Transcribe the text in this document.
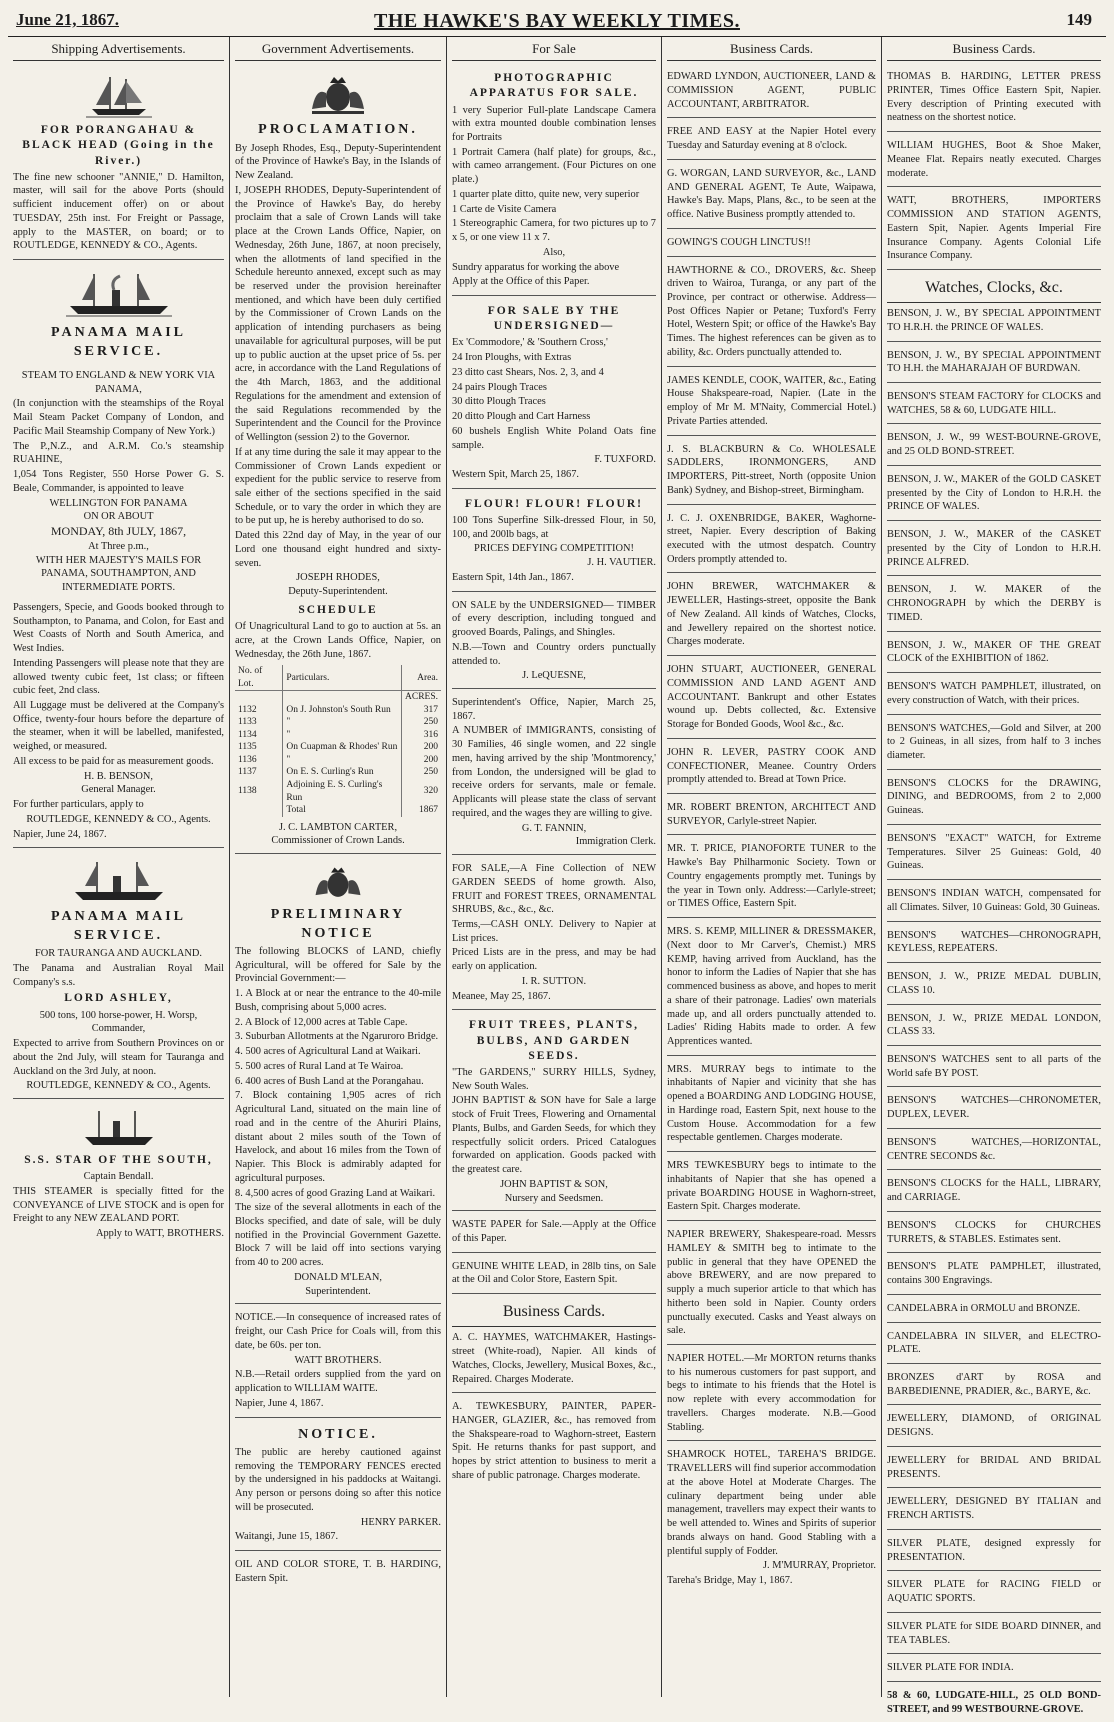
June 21, 1867.	THE HAWKE'S BAY WEEKLY TIMES.	149
Shipping Advertisements.
FOR PORANGAHAU & BLACK HEAD (Going in the River.)

The fine new schooner "ANNIE," D. Hamilton, master, will sail for the above Ports (should sufficient inducement offer) on or about TUESDAY, 25th inst. For Freight or Passage, apply to the MASTER, on board; or to ROUTLEDGE, KENNEDY & CO., Agents.

PANAMA MAIL SERVICE.
STEAM TO ENGLAND & NEW YORK VIA PANAMA,

(In conjunction with the steamships of the Royal Mail Steam Packet Company of London, and Pacific Mail Steamship Company of New York.)

The P.,N.Z., and A.R.M. Co.'s steamship RUAHINE,

1,054 Tons Register, 550 Horse Power G. S. Beale, Commander, is appointed to leave

WELLINGTON FOR PANAMA
ON OR ABOUT
MONDAY, 8th JULY, 1867,
At Three p.m.,
WITH HER MAJESTY'S MAILS FOR PANAMA, SOUTHAMPTON, AND INTERMEDIATE PORTS.

Passengers, Specie, and Goods booked through to Southampton, to Panama, and Colon, for East and West Coasts of North and South America, and West Indies.

Intending Passengers will please note that they are allowed twenty cubic feet, 1st class; or fifteen cubic feet, 2nd class.

All Luggage must be delivered at the Company's Office, twenty-four hours before the departure of the steamer, when it will be labelled, manifested, weighed, or measured.

All excess to be paid for as measurement goods.

H. B. BENSON,
General Manager.

For further particulars, apply to

ROUTLEDGE, KENNEDY & CO., Agents.

Napier, June 24, 1867.

PANAMA MAIL SERVICE.
FOR TAURANGA AND AUCKLAND.

The Panama and Australian Royal Mail Company's s.s.

LORD ASHLEY,
500 tons, 100 horse-power, H. Worsp, Commander,

Expected to arrive from Southern Provinces on or about the 2nd July, will steam for Tauranga and Auckland on the 3rd July, at noon.

ROUTLEDGE, KENNEDY & CO., Agents.
S.S. STAR OF THE SOUTH,
Captain Bendall.

THIS STEAMER is specially fitted for the CONVEYANCE of LIVE STOCK and is open for Freight to any NEW ZEALAND PORT.

Apply to WATT, BROTHERS.
Government Advertisements.
PROCLAMATION.

By Joseph Rhodes, Esq., Deputy-Superintendent of the Province of Hawke's Bay, in the Islands of New Zealand.

I, JOSEPH RHODES, Deputy-Superintendent of the Province of Hawke's Bay, do hereby proclaim that a sale of Crown Lands will take place at the Crown Lands Office, Napier, on Wednesday, 26th June, 1867, at noon precisely, when the allotments of land specified in the Schedule hereunto annexed, except such as may be reserved under the provision hereinafter mentioned, and which have been duly certified by the Commissioner of Crown Lands on the application of intending purchasers as being unavailable for agricultural purposes, will be put up to public auction at the upset price of 5s. per acre, in accordance with the Land Regulations of the 4th March, 1863, and the additional Regulations for the amendment and extension of the said Regulations recommended by the Superintendent and the Council for the Province of Wellington (session 2) to the Governor.

If at any time during the sale it may appear to the Commissioner of Crown Lands expedient or expedient for the public service to reserve from sale either of the sections specified in the said Schedule, or to vary the order in which they are to be put up, he is hereby authorised to do so.

Dated this 22nd day of May, in the year of our Lord one thousand eight hundred and sixty-seven.

JOSEPH RHODES,
Deputy-Superintendent.
SCHEDULE

Of Unagricultural Land to go to auction at 5s. an acre, at the Crown Lands Office, Napier, on Wednesday, the 26th June, 1867.

No. of Lot.	Particulars.	Area.
		ACRES.
1132	On J. Johnston's South Run	317
1133	"	250
1134	"	316
1135	On Cuapman & Rhodes' Run	200
1136	"	200
1137	On E. S. Curling's Run	250
1138	Adjoining E. S. Curling's Run	320
	Total	1867
J. C. LAMBTON CARTER,
Commissioner of Crown Lands.
PRELIMINARY NOTICE

The following BLOCKS of LAND, chiefly Agricultural, will be offered for Sale by the Provincial Government:—

1. A Block at or near the entrance to the 40-mile Bush, comprising about 5,000 acres.

2. A Block of 12,000 acres at Table Cape.

3. Suburban Allotments at the Ngaruroro Bridge.

4. 500 acres of Agricultural Land at Waikari.

5. 500 acres of Rural Land at Te Wairoa.

6. 400 acres of Bush Land at the Porangahau.

7. Block containing 1,905 acres of rich Agricultural Land, situated on the main line of road and in the centre of the Ahuriri Plains, distant about 2 miles south of the Town of Havelock, and about 16 miles from the Town of Napier. This Block is admirably adapted for agricultural purposes.

8. 4,500 acres of good Grazing Land at Waikari.

The size of the several allotments in each of the Blocks specified, and date of sale, will be duly notified in the Provincial Government Gazette. Block 7 will be laid off into sections varying from 40 to 200 acres.

DONALD M'LEAN,
Superintendent.

NOTICE.—In consequence of increased rates of freight, our Cash Price for Coals will, from this date, be 60s. per ton.

WATT BROTHERS.

N.B.—Retail orders supplied from the yard on application to WILLIAM WAITE.

Napier, June 4, 1867.

NOTICE.

The public are hereby cautioned against removing the TEMPORARY FENCES erected by the undersigned in his paddocks at Waitangi. Any person or persons doing so after this notice will be prosecuted.

HENRY PARKER.

Waitangi, June 15, 1867.

OIL AND COLOR STORE, T. B. HARDING, Eastern Spit.

For Sale
PHOTOGRAPHIC APPARATUS FOR SALE.

1 very Superior Full-plate Landscape Camera with extra mounted double combination lenses for Portraits

1 Portrait Camera (half plate) for groups, &c., with cameo arrangement. (Four Pictures on one plate.)

1 quarter plate ditto, quite new, very superior

1 Carte de Visite Camera

1 Stereographic Camera, for two pictures up to 7 x 5, or one view 11 x 7.

Also,

Sundry apparatus for working the above

Apply at the Office of this Paper.

FOR SALE BY THE UNDERSIGNED—

Ex 'Commodore,' & 'Southern Cross,'

24 Iron Ploughs, with Extras

23 ditto cast Shears, Nos. 2, 3, and 4

24 pairs Plough Traces

30 ditto Plough Traces

20 ditto Plough and Cart Harness

60 bushels English White Poland Oats fine sample.

F. TUXFORD.

Western Spit, March 25, 1867.

FLOUR! FLOUR! FLOUR!

100 Tons Superfine Silk-dressed Flour, in 50, 100, and 200lb bags, at

PRICES DEFYING COMPETITION!
J. H. VAUTIER.

Eastern Spit, 14th Jan., 1867.

ON SALE by the UNDERSIGNED— TIMBER of every description, including tongued and grooved Boards, Palings, and Shingles.

N.B.—Town and Country orders punctually attended to.

J. LeQUESNE,

Superintendent's Office, Napier, March 25, 1867.

A NUMBER of IMMIGRANTS, consisting of 30 Families, 46 single women, and 22 single men, having arrived by the ship 'Montmorency,' from London, the undersigned will be glad to receive orders for servants, male or female. Applicants will please state the class of servant required, and the wages they are willing to give.

G. T. FANNIN,
Immigration Clerk.

FOR SALE,—A Fine Collection of NEW GARDEN SEEDS of home growth. Also, FRUIT and FOREST TREES, ORNAMENTAL SHRUBS, &c., &c., &c.

Terms,—CASH ONLY. Delivery to Napier at List prices.

Priced Lists are in the press, and may be had early on application.

I. R. SUTTON.

Meanee, May 25, 1867.

FRUIT TREES, PLANTS, BULBS, AND GARDEN SEEDS.

"The GARDENS," SURRY HILLS, Sydney, New South Wales.

JOHN BAPTIST & SON have for Sale a large stock of Fruit Trees, Flowering and Ornamental Plants, Bulbs, and Garden Seeds, for which they respectfully solicit orders. Priced Catalogues forwarded on application. Goods packed with the greatest care.

JOHN BAPTIST & SON,
Nursery and Seedsmen.

WASTE PAPER for Sale.—Apply at the Office of this Paper.

GENUINE WHITE LEAD, in 28lb tins, on Sale at the Oil and Color Store, Eastern Spit.

Business Cards.

A. C. HAYMES, WATCHMAKER, Hastings-street (White-road), Napier. All kinds of Watches, Clocks, Jewellery, Musical Boxes, &c., Repaired. Charges Moderate.

A. TEWKESBURY, PAINTER, PAPER-HANGER, GLAZIER, &c., has removed from the Shakspeare-road to Waghorn-street, Eastern Spit. He returns thanks for past support, and hopes by strict attention to business to merit a share of public patronage. Charges moderate.

Business Cards.

EDWARD LYNDON, AUCTIONEER, LAND & COMMISSION AGENT, PUBLIC ACCOUNTANT, ARBITRATOR.

FREE AND EASY at the Napier Hotel every Tuesday and Saturday evening at 8 o'clock.

G. WORGAN, LAND SURVEYOR, &c., LAND AND GENERAL AGENT, Te Aute, Waipawa, Hawke's Bay. Maps, Plans, &c., to be seen at the office. Native Business promptly attended to.

GOWING'S COUGH LINCTUS!!

HAWTHORNE & CO., DROVERS, &c. Sheep driven to Wairoa, Turanga, or any part of the Province, per contract or otherwise. Address—Post Offices Napier or Petane; Tuxford's Ferry Hotel, Western Spit; or office of the Hawke's Bay Times. The highest references can be given as to ability, &c. Orders punctually attended to.

JAMES KENDLE, COOK, WAITER, &c., Eating House Shakspeare-road, Napier. (Late in the employ of Mr M. M'Naity, Commercial Hotel.) Private Parties attended.

J. S. BLACKBURN & Co. WHOLESALE SADDLERS, IRONMONGERS, AND IMPORTERS, Pitt-street, North (opposite Union Bank) Sydney, and Bishop-street, Birmingham.

J. C. J. OXENBRIDGE, BAKER, Waghorne-street, Napier. Every description of Baking executed with the utmost despatch. Country Orders promptly attended to.

JOHN BREWER, WATCHMAKER & JEWELLER, Hastings-street, opposite the Bank of New Zealand. All kinds of Watches, Clocks, and Jewellery repaired on the shortest notice. Charges moderate.

JOHN STUART, AUCTIONEER, GENERAL COMMISSION AND LAND AGENT AND ACCOUNTANT. Bankrupt and other Estates wound up. Debts collected, &c. Extensive Storage for Bonded Goods, Wool &c., &c.

JOHN R. LEVER, PASTRY COOK AND CONFECTIONER, Meanee. Country Orders promptly attended to. Bread at Town Price.

MR. ROBERT BRENTON, ARCHITECT AND SURVEYOR, Carlyle-street Napier.

MR. T. PRICE, PIANOFORTE TUNER to the Hawke's Bay Philharmonic Society. Town or Country engagements promptly met. Tunings by the year in Town only. Address:—Carlyle-street; or TIMES Office, Eastern Spit.

MRS. S. KEMP, MILLINER & DRESSMAKER, (Next door to Mr Carver's, Chemist.) MRS KEMP, having arrived from Auckland, has the honor to inform the Ladies of Napier that she has commenced business as above, and hopes to merit a share of their patronage. Ladies' own materials made up, and all orders punctually attended to. Ladies' Riding Habits made to order. A few Apprentices wanted.

MRS. MURRAY begs to intimate to the inhabitants of Napier and vicinity that she has opened a BOARDING AND LODGING HOUSE, in Hardinge road, Eastern Spit, next house to the Custom House. Accommodation for a few respectable gentlemen. Charges moderate.

MRS TEWKESBURY begs to intimate to the inhabitants of Napier that she has opened a private BOARDING HOUSE in Waghorn-street, Eastern Spit. Charges moderate.

NAPIER BREWERY, Shakespeare-road. Messrs HAMLEY & SMITH beg to intimate to the public in general that they have OPENED the above BREWERY, and are now prepared to supply a much superior article to that which has hitherto been sold in Napier. County orders punctually executed. Casks and Yeast always on sale.

NAPIER HOTEL.—Mr MORTON returns thanks to his numerous customers for past support, and begs to intimate to his friends that the Hotel is now replete with every accommodation for travellers. Charges moderate. N.B.—Good Stabling.

SHAMROCK HOTEL, TAREHA'S BRIDGE. TRAVELLERS will find superior accommodation at the above Hotel at Moderate Charges. The culinary department being under able management, travellers may expect their wants to be well attended to. Wines and Spirits of superior brands always on hand. Good Stabling with a plentiful supply of Fodder.

J. M'MURRAY, Proprietor.

Tareha's Bridge, May 1, 1867.

Business Cards.

THOMAS B. HARDING, LETTER PRESS PRINTER, Times Office Eastern Spit, Napier. Every description of Printing executed with neatness on the shortest notice.

WILLIAM HUGHES, Boot & Shoe Maker, Meanee Flat. Repairs neatly executed. Charges moderate.

WATT, BROTHERS, IMPORTERS COMMISSION AND STATION AGENTS, Eastern Spit, Napier. Agents Imperial Fire Insurance Company. Agents Colonial Life Insurance Company.

Watches, Clocks, &c.

BENSON, J. W., BY SPECIAL APPOINTMENT TO H.R.H. the PRINCE OF WALES.

BENSON, J. W., BY SPECIAL APPOINTMENT TO H.H. the MAHARAJAH OF BURDWAN.

BENSON'S STEAM FACTORY for CLOCKS and WATCHES, 58 & 60, LUDGATE HILL.

BENSON, J. W., 99 WEST-BOURNE-GROVE, and 25 OLD BOND-STREET.

BENSON, J. W., MAKER of the GOLD CASKET presented by the City of London to H.R.H. the PRINCE OF WALES.

BENSON, J. W., MAKER of the CASKET presented by the City of London to H.R.H. PRINCE ALFRED.

BENSON, J. W. MAKER of the CHRONOGRAPH by which the DERBY is TIMED.

BENSON, J. W., MAKER OF THE GREAT CLOCK of the EXHIBITION of 1862.

BENSON'S WATCH PAMPHLET, illustrated, on every construction of Watch, with their prices.

BENSON'S WATCHES,—Gold and Silver, at 200 to 2 Guineas, in all sizes, from half to 3 inches diameter.

BENSON'S CLOCKS for the DRAWING, DINING, and BEDROOMS, from 2 to 2,000 Guineas.

BENSON'S "EXACT" WATCH, for Extreme Temperatures. Silver 25 Guineas: Gold, 40 Guineas.

BENSON'S INDIAN WATCH, compensated for all Climates. Silver, 10 Guineas: Gold, 30 Guineas.

BENSON'S WATCHES—CHRONOGRAPH, KEYLESS, REPEATERS.

BENSON, J. W., PRIZE MEDAL DUBLIN, CLASS 10.

BENSON, J. W., PRIZE MEDAL LONDON, CLASS 33.

BENSON'S WATCHES sent to all parts of the World safe BY POST.

BENSON'S WATCHES—CHRONOMETER, DUPLEX, LEVER.

BENSON'S WATCHES,—HORIZONTAL, CENTRE SECONDS &c.

BENSON'S CLOCKS for the HALL, LIBRARY, and CARRIAGE.

BENSON'S CLOCKS for CHURCHES TURRETS, & STABLES. Estimates sent.

BENSON'S PLATE PAMPHLET, illustrated, contains 300 Engravings.

CANDELABRA in ORMOLU and BRONZE.

CANDELABRA IN SILVER, and ELECTRO-PLATE.

BRONZES d'ART by ROSA and BARBEDIENNE, PRADIER, &c., BARYE, &c.

JEWELLERY, DIAMOND, of ORIGINAL DESIGNS.

JEWELLERY for BRIDAL AND BRIDAL PRESENTS.

JEWELLERY, DESIGNED BY ITALIAN and FRENCH ARTISTS.

SILVER PLATE, designed expressly for PRESENTATION.

SILVER PLATE for RACING FIELD or AQUATIC SPORTS.

SILVER PLATE for SIDE BOARD DINNER, and TEA TABLES.

SILVER PLATE FOR INDIA.

58 & 60, LUDGATE-HILL, 25 OLD BOND-STREET, and 99 WESTBOURNE-GROVE.
